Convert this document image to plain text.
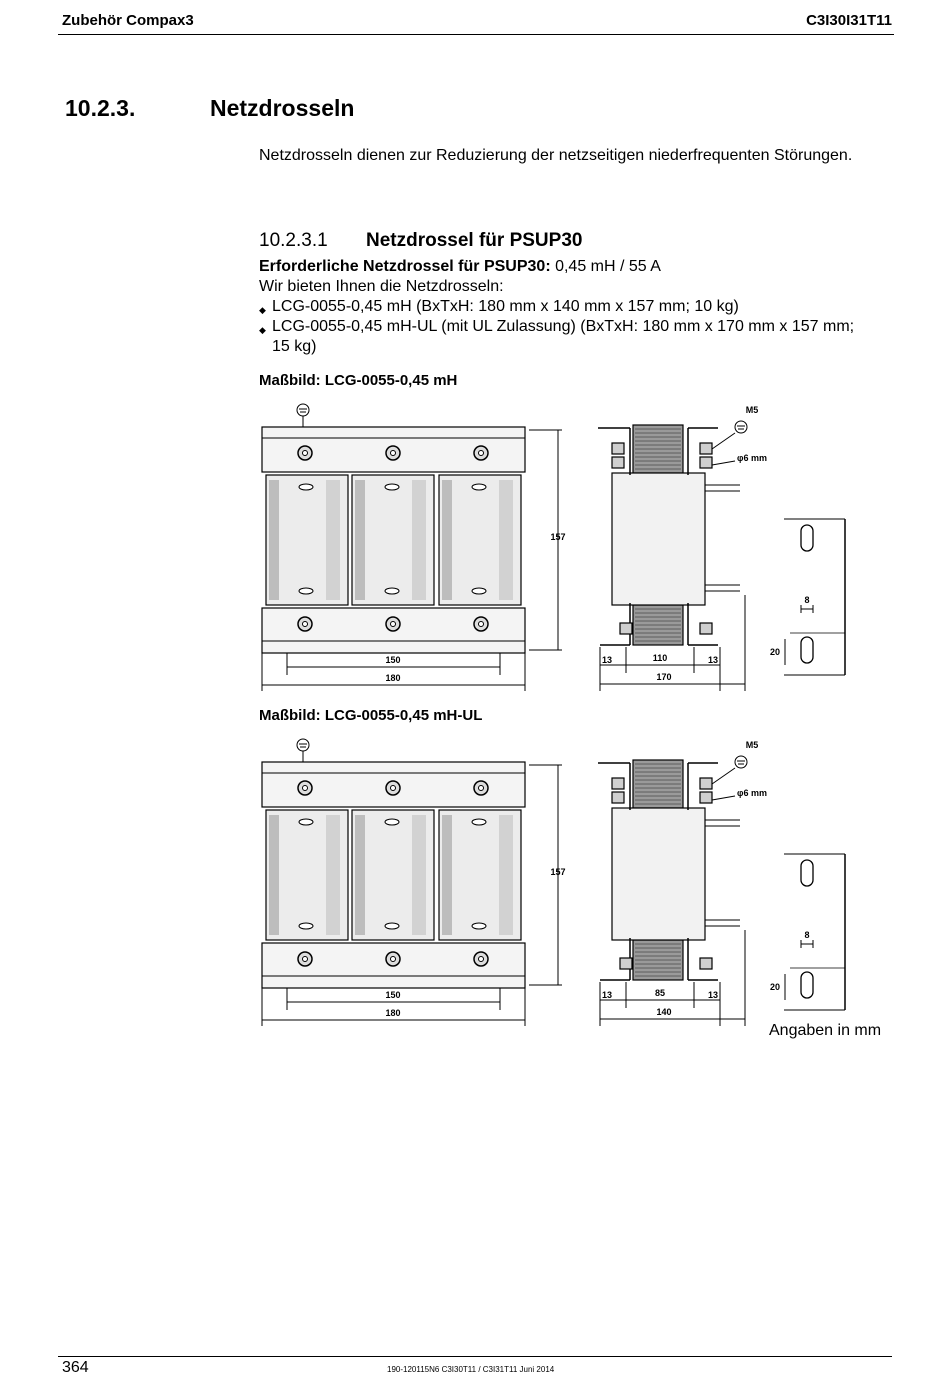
Zubehör Compax3	C3I30I31T11
10.2.3.	Netzdrosseln
Netzdrosseln dienen zur Reduzierung der netzseitigen niederfrequenten Störungen.
10.2.3.1 Netzdrossel für PSUP30
Erforderliche Netzdrossel für PSUP30: 0,45 mH / 55 A
Wir bieten Ihnen die Netzdrosseln:
◆ LCG-0055-0,45 mH (BxTxH: 180 mm x 140 mm x 157 mm; 10 kg)
◆ LCG-0055-0,45 mH-UL (mit UL Zulassung) (BxTxH: 180 mm x 170 mm x 157 mm; 15 kg)
Maßbild: LCG-0055-0,45 mH
Maßbild: LCG-0055-0,45 mH-UL
157
150
180
M5
φ6 mm
13	110	13
170
8
20
157
150
180
M5
φ6 mm
13	85	13
140
8
20
Angaben in mm
364	190-120115N6 C3I30T11 / C3I31T11 Juni 2014
